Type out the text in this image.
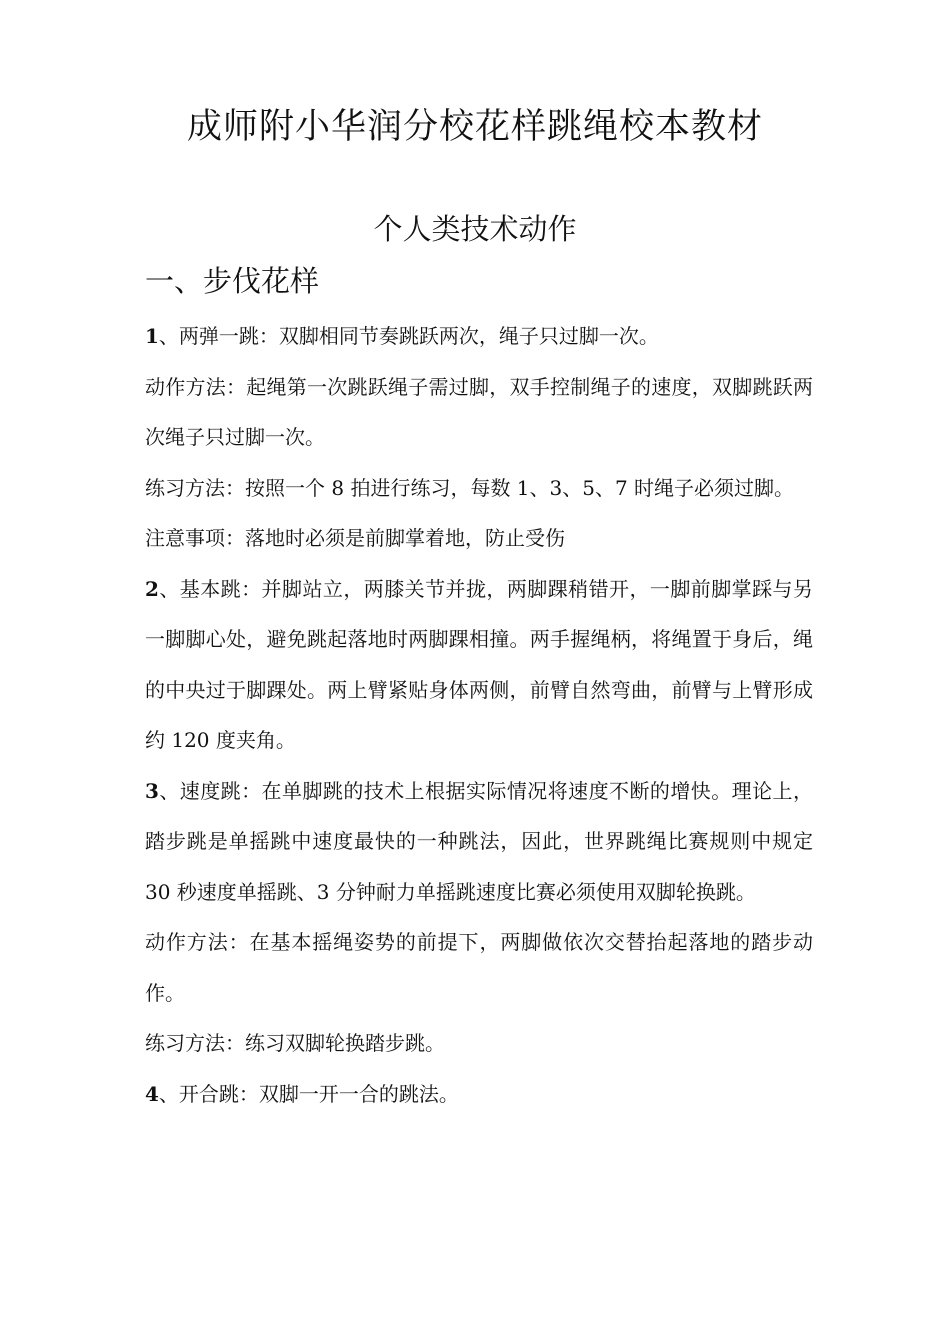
成师附小华润分校花样跳绳校本教材
个人类技术动作
一、步伐花样

1、两弹一跳：双脚相同节奏跳跃两次，绳子只过脚一次。

动作方法：起绳第一次跳跃绳子需过脚，双手控制绳子的速度，双脚跳跃两次绳子只过脚一次。

练习方法：按照一个 8 拍进行练习，每数 1、3、5、7 时绳子必须过脚。

注意事项：落地时必须是前脚掌着地，防止受伤

2、基本跳：并脚站立，两膝关节并拢，两脚踝稍错开，一脚前脚掌踩与另一脚脚心处，避免跳起落地时两脚踝相撞。两手握绳柄，将绳置于身后，绳的中央过于脚踝处。两上臂紧贴身体两侧，前臂自然弯曲，前臂与上臂形成约 120 度夹角。

3、速度跳：在单脚跳的技术上根据实际情况将速度不断的增快。理论上，踏步跳是单摇跳中速度最快的一种跳法，因此，世界跳绳比赛规则中规定 30 秒速度单摇跳、3 分钟耐力单摇跳速度比赛必须使用双脚轮换跳。

动作方法：在基本摇绳姿势的前提下，两脚做依次交替抬起落地的踏步动作。

练习方法：练习双脚轮换踏步跳。

4、开合跳：双脚一开一合的跳法。
